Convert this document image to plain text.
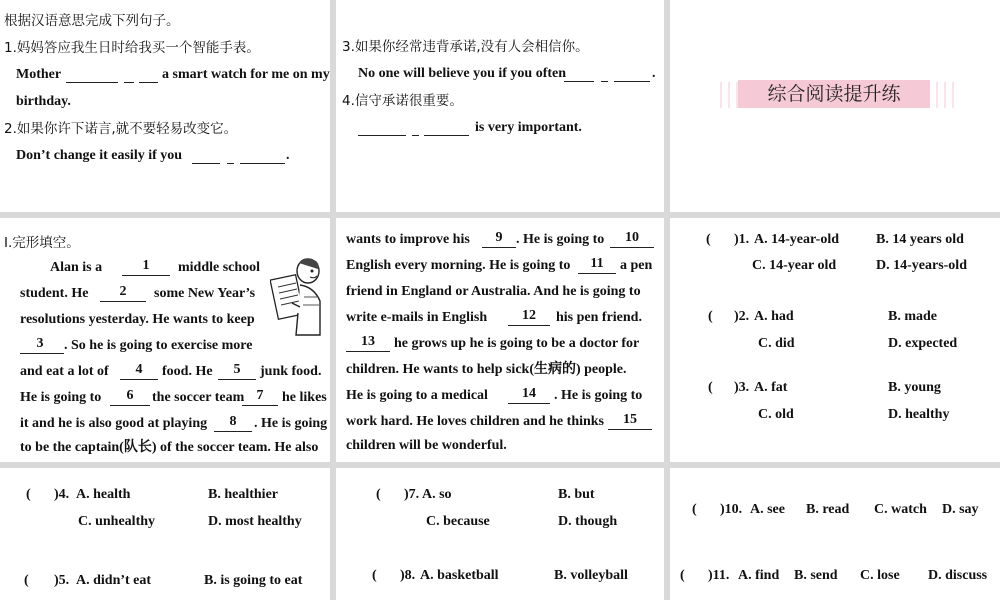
根据汉语意思完成下列句子。
1.妈妈答应我生日时给我买一个智能手表。
Mother	a smart watch for me on my
birthday.
2.如果你许下诺言,就不要轻易改变它。
Don’t change it easily if you	.
3.如果你经常违背承诺,没有人会相信你。
No one will believe you if you often	.
4.信守承诺很重要。
is very important.
综合阅读提升练
Ⅰ.完形填空。
Alan is a	1	middle school
student. He	2	some New Year’s
resolutions yesterday. He wants to keep
3	. So he is going to exercise more
and eat a lot of	4	food. He	5	junk food.
He is going to	6	the soccer team 7	he likes
it and he is also good at playing	8	. He is going
to be the captain(队长) of the soccer team. He also
wants to improve his	9 . He is going to	10
English every morning. He is going to	11	a pen
friend in England or Australia. And he is going to
write e-mails in English	12	his pen friend.
13	he grows up he is going to be a doctor for
children. He wants to help sick(生病的) people.
He is going to a medical	14	. He is going to
work hard. He loves children and he thinks	15
children will be wonderful.
( )1. A. 14-year-old	B. 14 years old
C. 14-year old	D. 14-years-old
( )2. A. had	B. made
C. did	D. expected
( )3. A. fat	B. young
C. old	D. healthy
( )4. A. health	B. healthier
C. unhealthy	D. most healthy
( )5. A. didn’t eat	B. is going to eat
( )7. A. so	B. but
C. because	D. though
( )8. A. basketball	B. volleyball
( )10. A. see B. read C. watch D. say
( )11. A. find B. send C. lose D. discuss
